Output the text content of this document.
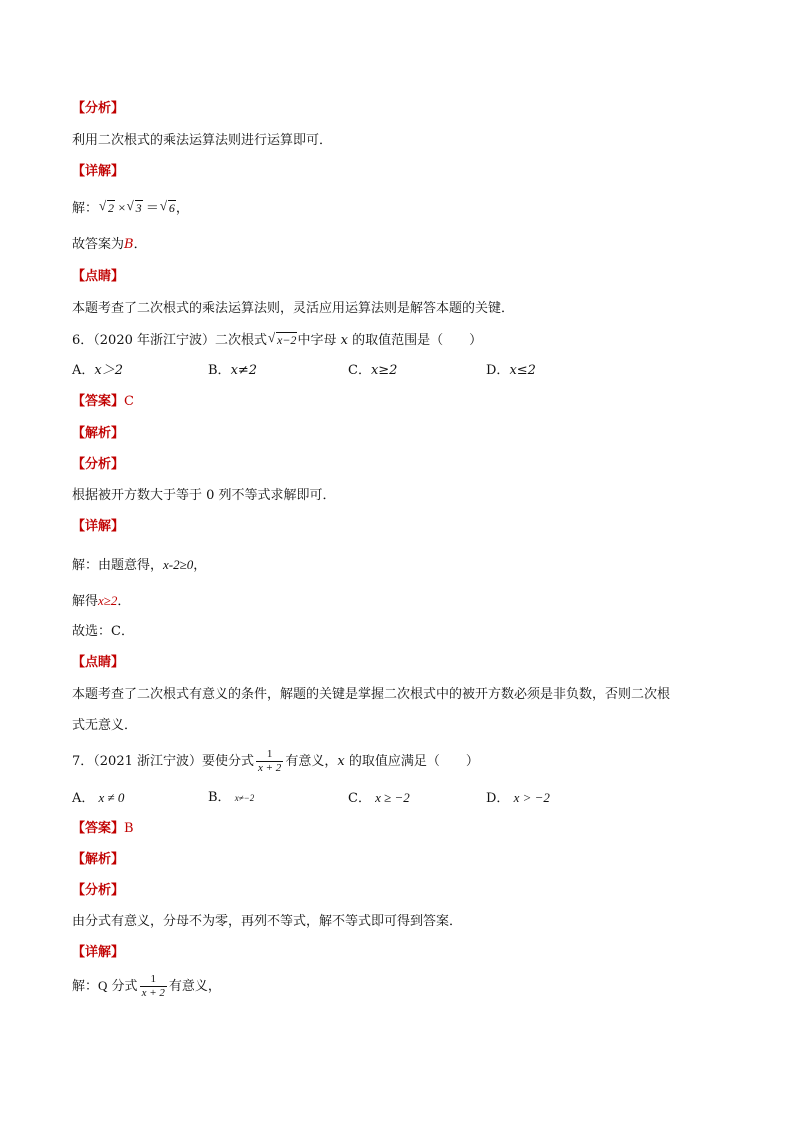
【分析】
利用二次根式的乘法运算法则进行运算即可．
【详解】
解： √ 2 × √ 3 ＝ √ 6，
故答案为B．
【点睛】
本题考查了二次根式的乘法运算法则，灵活应用运算法则是解答本题的关键．
6．（2020 年浙江宁波）二次根式 √ x−2中字母 x 的取值范围是（　　）
A．x＞2	B．x≠2	C．x≥2	D．x≤2
【答案】C
【解析】
【分析】
根据被开方数大于等于 0 列不等式求解即可．
【详解】
解：由题意得，x-2≥0，
解得x≥2．
故选：C．
【点睛】
本题考查了二次根式有意义的条件，解题的关键是掌握二次根式中的被开方数必须是非负数，否则二次根
式无意义．
7．（2021 浙江宁波）要使分式 $\frac{1}{x + 2}$ 有意义，x 的取值应满足（　　）
A． x ≠ 0	B． x≠−2	C． x ≥ −2	D． x > −2
【答案】B
【解析】
【分析】
由分式有意义，分母不为零，再列不等式，解不等式即可得到答案．
【详解】
解：Q 分式 $\frac{1}{x + 2}$ 有意义，
